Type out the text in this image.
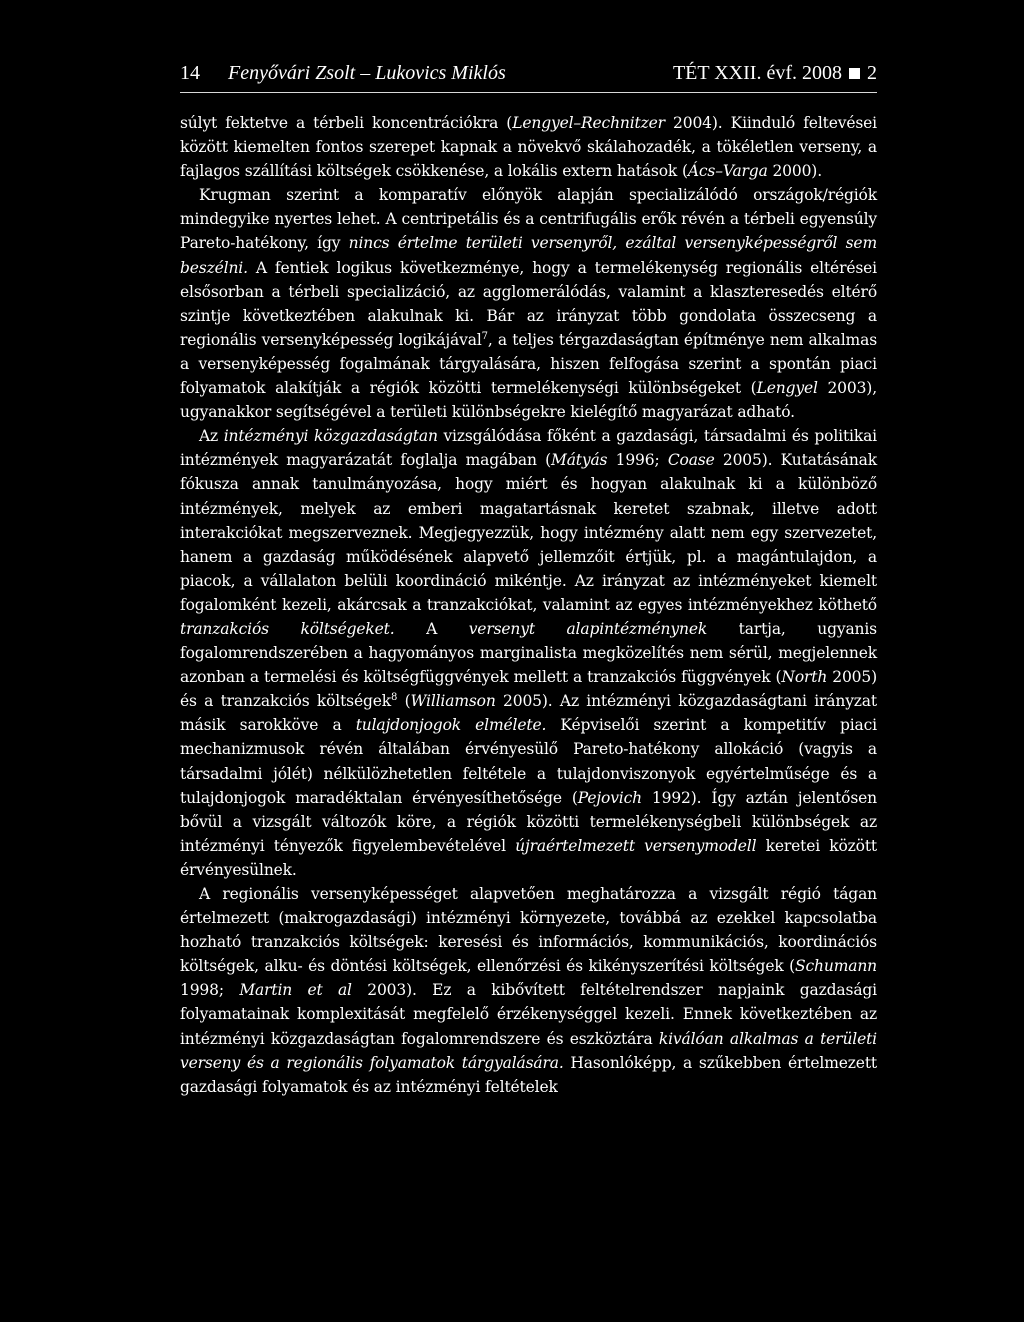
14 Fenyővári Zsolt – Lukovics Miklós	TÉT XXII. évf. 2008 2

súlyt fektetve a térbeli koncentrációkra (Lengyel–Rechnitzer 2004). Kiinduló feltevései között kiemelten fontos szerepet kapnak a növekvő skálahozadék, a tökéletlen verseny, a fajlagos szállítási költségek csökkenése, a lokális extern hatások (Ács–Varga 2000).

Krugman szerint a komparatív előnyök alapján specializálódó országok/régiók mindegyike nyertes lehet. A centripetális és a centrifugális erők révén a térbeli egyensúly Pareto-hatékony, így nincs értelme területi versenyről, ezáltal versenyképességről sem beszélni. A fentiek logikus következménye, hogy a termelékenység regionális eltérései elsősorban a térbeli specializáció, az agglomerálódás, valamint a klaszteresedés eltérő szintje következtében alakulnak ki. Bár az irányzat több gondolata összecseng a regionális versenyképesség logikájával$^7$, a teljes térgazdaságtan építménye nem alkalmas a versenyképesség fogalmának tárgyalására, hiszen felfogása szerint a spontán piaci folyamatok alakítják a régiók közötti termelékenységi különbségeket (Lengyel 2003), ugyanakkor segítségével a területi különbségekre kielégítő magyarázat adható.

Az intézményi közgazdaságtan vizsgálódása főként a gazdasági, társadalmi és politikai intézmények magyarázatát foglalja magában (Mátyás 1996; Coase 2005). Kutatásának fókusza annak tanulmányozása, hogy miért és hogyan alakulnak ki a különböző intézmények, melyek az emberi magatartásnak keretet szabnak, illetve adott interakciókat megszerveznek. Megjegyezzük, hogy intézmény alatt nem egy szervezetet, hanem a gazdaság működésének alapvető jellemzőit értjük, pl. a magántulajdon, a piacok, a vállalaton belüli koordináció mikéntje. Az irányzat az intézményeket kiemelt fogalomként kezeli, akárcsak a tranzakciókat, valamint az egyes intézményekhez köthető tranzakciós költségeket. A versenyt alapintézménynek tartja, ugyanis fogalomrendszerében a hagyományos marginalista megközelítés nem sérül, megjelennek azonban a termelési és költségfüggvények mellett a tranzakciós függvények (North 2005) és a tranzakciós költségek$^8$ (Williamson 2005). Az intézményi közgazdaságtani irányzat másik sarokköve a tulajdonjogok elmélete. Képviselői szerint a kompetitív piaci mechanizmusok révén általában érvényesülő Pareto-hatékony allokáció (vagyis a társadalmi jólét) nélkülözhetetlen feltétele a tulajdonviszonyok egyértelműsége és a tulajdonjogok maradéktalan érvényesíthetősége (Pejovich 1992). Így aztán jelentősen bővül a vizsgált változók köre, a régiók közötti termelékenységbeli különbségek az intézményi tényezők figyelembevételével újraértelmezett versenymodell keretei között érvényesülnek.

A regionális versenyképességet alapvetően meghatározza a vizsgált régió tágan értelmezett (makrogazdasági) intézményi környezete, továbbá az ezekkel kapcsolatba hozható tranzakciós költségek: keresési és információs, kommunikációs, koordinációs költségek, alku- és döntési költségek, ellenőrzési és kikényszerítési költségek (Schumann 1998; Martin et al 2003). Ez a kibővített feltételrendszer napjaink gazdasági folyamatainak komplexitását megfelelő érzékenységgel kezeli. Ennek következtében az intézményi közgazdaságtan fogalomrendszere és eszköztára kiválóan alkalmas a területi verseny és a regionális folyamatok tárgyalására. Hasonlóképp, a szűkebben értelmezett gazdasági folyamatok és az intézményi feltételek
